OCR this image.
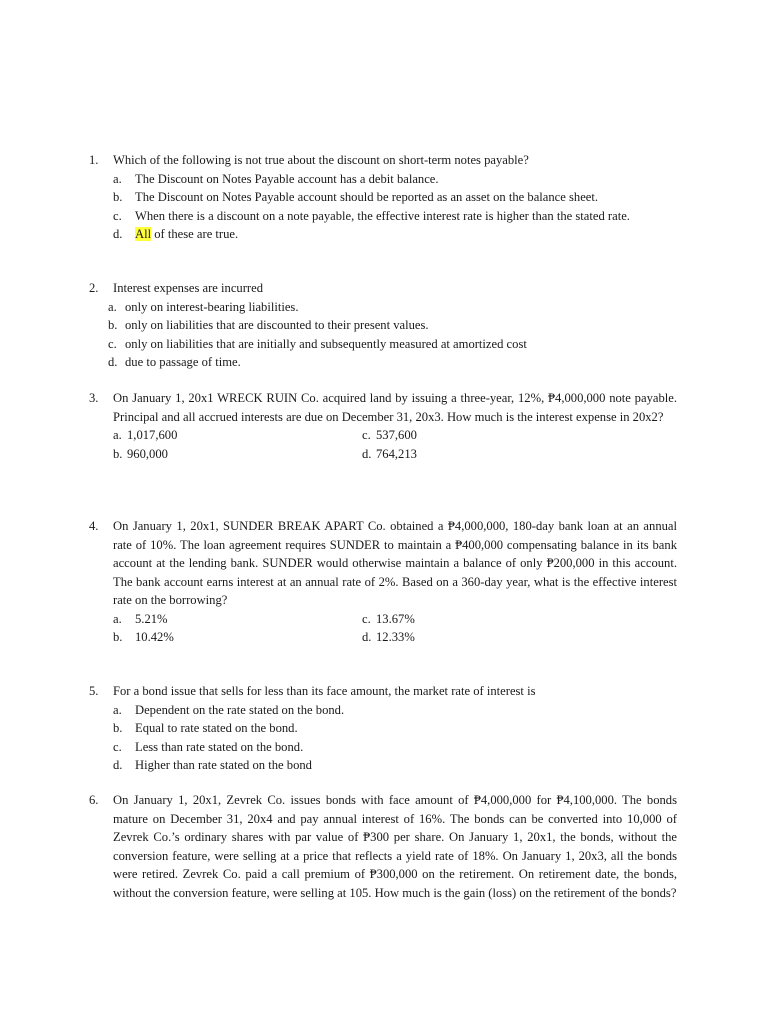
1.	Which of the following is not true about the discount on short-term notes payable?
a.	The Discount on Notes Payable account has a debit balance.
b. The Discount on Notes Payable account should be reported as an asset on the balance sheet.
c.	When there is a discount on a note payable, the effective interest rate is higher than the stated rate.
d. All of these are true.
2.	Interest expenses are incurred
a. only on interest-bearing liabilities.
b. only on liabilities that are discounted to their present values.
c. only on liabilities that are initially and subsequently measured at amortized cost
d. due to passage of time.
3.	On January 1, 20x1 WRECK RUIN Co. acquired land by issuing a three-year, 12%, ₱4,000,000 note payable. Principal and all accrued interests are due on December 31, 20x3. How much is the interest expense in 20x2?
a. 1,017,600	c. 537,600
b. 960,000	d. 764,213
4.	On January 1, 20x1, SUNDER BREAK APART Co. obtained a ₱4,000,000, 180-day bank loan at an annual rate of 10%. The loan agreement requires SUNDER to maintain a ₱400,000 compensating balance in its bank account at the lending bank. SUNDER would otherwise maintain a balance of only ₱200,000 in this account. The bank account earns interest at an annual rate of 2%. Based on a 360-day year, what is the effective interest rate on the borrowing?
a.	5.21%	c. 13.67%
b. 10.42%	d. 12.33%
5.	For a bond issue that sells for less than its face amount, the market rate of interest is
a.	Dependent on the rate stated on the bond.
b. Equal to rate stated on the bond.
c.	Less than rate stated on the bond.
d. Higher than rate stated on the bond
6.	On January 1, 20x1, Zevrek Co. issues bonds with face amount of ₱4,000,000 for ₱4,100,000. The bonds mature on December 31, 20x4 and pay annual interest of 16%. The bonds can be converted into 10,000 of Zevrek Co.’s ordinary shares with par value of ₱300 per share. On January 1, 20x1, the bonds, without the conversion feature, were selling at a price that reflects a yield rate of 18%. On January 1, 20x3, all the bonds were retired. Zevrek Co. paid a call premium of ₱300,000 on the retirement. On retirement date, the bonds, without the conversion feature, were selling at 105. How much is the gain (loss) on the retirement of the bonds?
